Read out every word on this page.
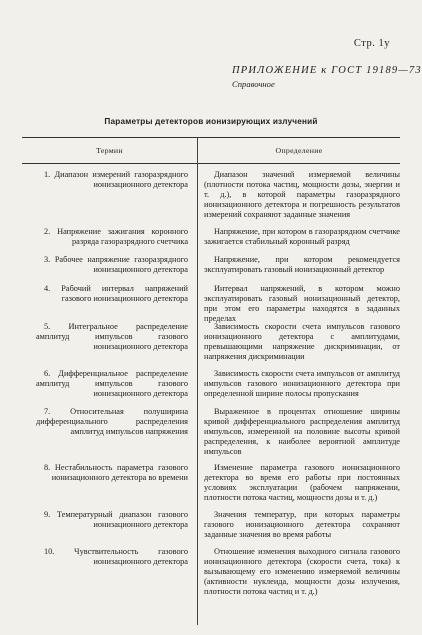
Стр. 1у
ПРИЛОЖЕНИЕ к ГОСТ 19189—73
Справочное
Параметры детекторов ионизирующих излучений
Термин	Определение
1. Диапазон измерений газоразрядного ионизационного детектора
Диапазон значений измеряемой величины (плотности потока частиц, мощности дозы, энергии и т. д.), в которой параметры газоразрядного ионизационного детектора и погрешность результатов измерений сохраняют заданные значения
2. Напряжение зажигания коронного разряда газоразрядного счетчика
Напряжение, при котором в газоразрядном счетчике зажигается стабильный коронный разряд
3. Рабочее напряжение газоразрядного ионизационного детектора
Напряжение, при котором рекомендуется эксплуатировать газовый ионизационный детектор
4. Рабочий интервал напряжений газового ионизационного детектора
Интервал напряжений, в котором можно эксплуатировать газовый ионизационный детектор, при этом его параметры находятся в заданных пределах
5. Интегральное распределение амплитуд импульсов газового ионизационного детектора
Зависимость скорости счета импульсов газового ионизационного детектора с амплитудами, превышающими напряжение дискриминации, от напряжения дискриминации
6. Дифференциальное распределение амплитуд импульсов газового ионизационного детектора
Зависимость скорости счета импульсов от амплитуд импульсов газового ионизационного детектора при определенной ширине полосы пропускания
7. Относительная полуширина дифференциального распределения амплитуд импульсов напряжения
Выраженное в процентах отношение ширины кривой дифференциального распределения амплитуд импульсов, измеренной на половине высоты кривой распределения, к наиболее вероятной амплитуде импульсов
8. Нестабильность параметра газового ионизационного детектора во времени
Изменение параметра газового ионизационного детектора во время его работы при постоянных условиях эксплуатации (рабочем напряжении, плотности потока частиц, мощности дозы и т. д.)
9. Температурный диапазон газового ионизационного детектора
Значения температур, при которых параметры газового ионизационного детектора сохраняют заданные значения во время работы
10. Чувствительность газового ионизационного детектора
Отношение изменения выходного сигнала газового ионизационного детектора (скорости счета, тока) к вызывающему его изменению измеряемой величины (активности нуклеида, мощности дозы излучения, плотности потока частиц и т. д.)
